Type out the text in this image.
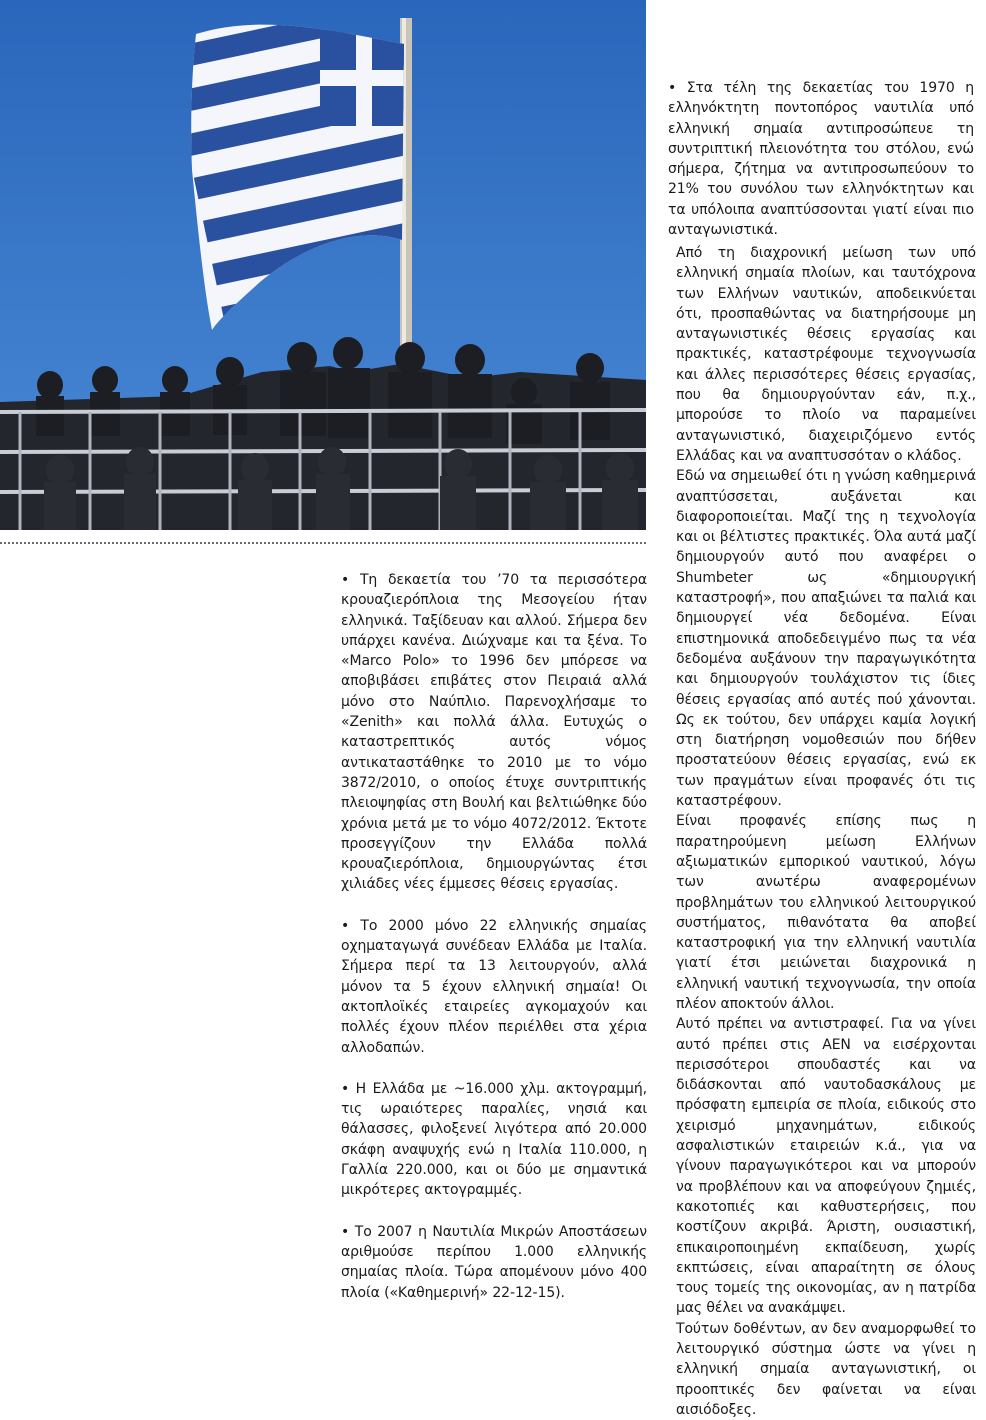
• Στα τέλη της δεκαετίας του 1970 η ελληνόκτητη ποντοπόρος ναυτιλία υπό ελληνική σημαία αντιπροσώπευε τη συντριπτική πλειονότητα του στόλου, ενώ σήμερα, ζήτημα να αντιπροσωπεύουν το 21% του συνόλου των ελληνόκτητων και τα υπόλοιπα αναπτύσσονται γιατί είναι πιο ανταγωνιστικά.

Από τη διαχρονική μείωση των υπό ελληνική σημαία πλοίων, και ταυτόχρονα των Ελλήνων ναυτικών, αποδεικνύεται ότι, προσπαθώντας να διατηρήσουμε μη ανταγωνιστικές θέσεις εργασίας και πρακτικές, καταστρέφουμε τεχνογνωσία και άλλες περισσότερες θέσεις εργασίας, που θα δημιουργούνταν εάν, π.χ., μπορούσε το πλοίο να παραμείνει ανταγωνιστικό, διαχειριζόμενο εντός Ελλάδας και να αναπτυσσόταν ο κλάδος.

Εδώ να σημειωθεί ότι η γνώση καθημερινά αναπτύσσεται, αυξάνεται και διαφοροποιείται. Μαζί της η τεχνολογία και οι βέλτιστες πρακτικές. Όλα αυτά μαζί δημιουργούν αυτό που αναφέρει ο Shumbeter ως «δημιουργική καταστροφή», που απαξιώνει τα παλιά και δημιουργεί νέα δεδομένα. Είναι επιστημονικά αποδεδειγμένο πως τα νέα δεδομένα αυξάνουν την παραγωγικότητα και δημιουργούν τουλάχιστον τις ίδιες θέσεις εργασίας από αυτές πού χάνονται. Ως εκ τούτου, δεν υπάρχει καμία λογική στη διατήρηση νομοθεσιών που δήθεν προστατεύουν θέσεις εργασίας, ενώ εκ των πραγμάτων είναι προφανές ότι τις καταστρέφουν.

Είναι προφανές επίσης πως η παρατηρούμενη μείωση Ελλήνων αξιωματικών εμπορικού ναυτικού, λόγω των ανωτέρω αναφερομένων προβλημάτων του ελληνικού λειτουργικού συστήματος, πιθανότατα θα αποβεί καταστροφική για την ελληνική ναυτιλία γιατί έτσι μειώνεται διαχρονικά η ελληνική ναυτική τεχνογνωσία, την οποία πλέον αποκτούν άλλοι.

Αυτό πρέπει να αντιστραφεί. Για να γίνει αυτό πρέπει στις ΑΕΝ να εισέρχονται περισσότεροι σπουδαστές και να διδάσκονται από ναυτοδασκάλους με πρόσφατη εμπειρία σε πλοία, ειδικούς στο χειρισμό μηχανημάτων, ειδικούς ασφαλιστικών εταιρειών κ.ά., για να γίνουν παραγωγικότεροι και να μπορούν να προβλέπουν και να αποφεύγουν ζημιές, κακοτοπιές και καθυστερήσεις, που κοστίζουν ακριβά. Άριστη, ουσιαστική, επικαιροποιημένη εκπαίδευση, χωρίς εκπτώσεις, είναι απαραίτητη σε όλους τους τομείς της οικονομίας, αν η πατρίδα μας θέλει να ανακάμψει.

Τούτων δοθέντων, αν δεν αναμορφωθεί το λειτουργικό σύστημα ώστε να γίνει η ελληνική σημαία ανταγωνιστική, οι προοπτικές δεν φαίνεται να είναι αισιόδοξες.

• Τη δεκαετία του ’70 τα περισσότερα κρουαζιερόπλοια της Μεσογείου ήταν ελληνικά. Ταξίδευαν και αλλού. Σήμερα δεν υπάρχει κανένα. Διώχναμε και τα ξένα. Το «Marco Polo» το 1996 δεν μπόρεσε να αποβιβάσει επιβάτες στον Πειραιά αλλά μόνο στο Ναύπλιο. Παρενοχλήσαμε το «Zenith» και πολλά άλλα. Ευτυχώς ο καταστρεπτικός αυτός νόμος αντικαταστάθηκε το 2010 με το νόμο 3872/2010, ο οποίος έτυχε συντριπτικής πλειοψηφίας στη Βουλή και βελτιώθηκε δύο χρόνια μετά με το νόμο 4072/2012. Έκτοτε προσεγγίζουν την Ελλάδα πολλά κρουαζιερόπλοια, δημιουργώντας έτσι χιλιάδες νέες έμμεσες θέσεις εργασίας.

• Το 2000 μόνο 22 ελληνικής σημαίας οχηματαγωγά συνέδεαν Ελλάδα με Ιταλία. Σήμερα περί τα 13 λειτουργούν, αλλά μόνον τα 5 έχουν ελληνική σημαία! Οι ακτοπλοϊκές εταιρείες αγκομαχούν και πολλές έχουν πλέον περιέλθει στα χέρια αλλοδαπών.

• Η Ελλάδα με ~16.000 χλμ. ακτογραμμή, τις ωραιότερες παραλίες, νησιά και θάλασσες, φιλοξενεί λιγότερα από 20.000 σκάφη αναψυχής ενώ η Ιταλία 110.000, η Γαλλία 220.000, και οι δύο με σημαντικά μικρότερες ακτογραμμές.

• Το 2007 η Ναυτιλία Μικρών Αποστάσεων αριθμούσε περίπου 1.000 ελληνικής σημαίας πλοία. Τώρα απομένουν μόνο 400 πλοία («Καθημερινή» 22-12-15).
